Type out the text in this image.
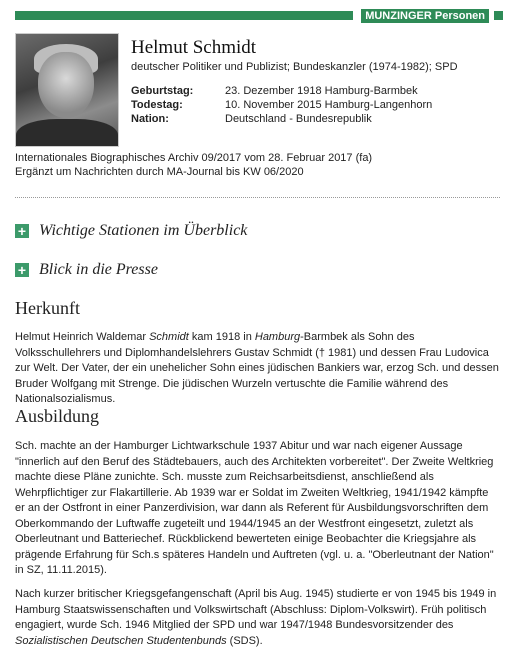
MUNZINGER Personen
Helmut Schmidt
deutscher Politiker und Publizist; Bundeskanzler (1974-1982); SPD
Geburtstag:	23. Dezember 1918 Hamburg-Barmbek
Todestag:	10. November 2015 Hamburg-Langenhorn
Nation:	Deutschland - Bundesrepublik
Internationales Biographisches Archiv 09/2017 vom 28. Februar 2017 (fa)
Ergänzt um Nachrichten durch MA-Journal bis KW 06/2020
+ Wichtige Stationen im Überblick
+ Blick in die Presse
Herkunft

Helmut Heinrich Waldemar Schmidt kam 1918 in Hamburg-Barmbek als Sohn des Volksschullehrers und Diplomhandelslehrers Gustav Schmidt († 1981) und dessen Frau Ludovica zur Welt. Der Vater, der ein unehelicher Sohn eines jüdischen Bankiers war, erzog Sch. und dessen Bruder Wolfgang mit Strenge. Die jüdischen Wurzeln vertuschte die Familie während des Nationalsozialismus.

Ausbildung

Sch. machte an der Hamburger Lichtwarkschule 1937 Abitur und war nach eigener Aussage "innerlich auf den Beruf des Städtebauers, auch des Architekten vorbereitet". Der Zweite Weltkrieg machte diese Pläne zunichte. Sch. musste zum Reichsarbeitsdienst, anschließend als Wehrpflichtiger zur Flakartillerie. Ab 1939 war er Soldat im Zweiten Weltkrieg, 1941/1942 kämpfte er an der Ostfront in einer Panzerdivision, war dann als Referent für Ausbildungsvorschriften dem Oberkommando der Luftwaffe zugeteilt und 1944/1945 an der Westfront eingesetzt, zuletzt als Oberleutnant und Batteriechef. Rückblickend bewerteten einige Beobachter die Kriegsjahre als prägende Erfahrung für Sch.s späteres Handeln und Auftreten (vgl. u. a. "Oberleutnant der Nation" in SZ, 11.11.2015).

Nach kurzer britischer Kriegsgefangenschaft (April bis Aug. 1945) studierte er von 1945 bis 1949 in Hamburg Staatswissenschaften und Volkswirtschaft (Abschluss: Diplom-Volkswirt). Früh politisch engagiert, wurde Sch. 1946 Mitglied der SPD und war 1947/1948 Bundesvorsitzender des Sozialistischen Deutschen Studentenbunds (SDS).
